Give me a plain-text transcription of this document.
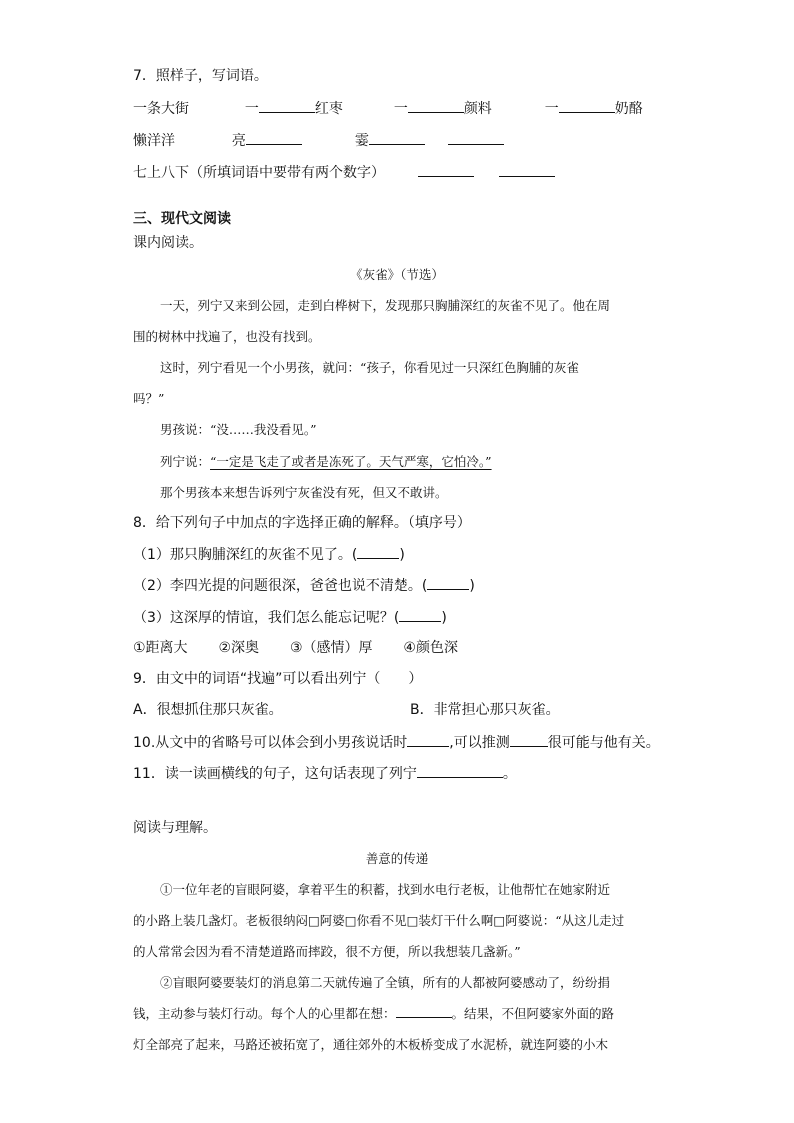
7．照样子，写词语。
一条大街	一	红枣	一	颜料	一	奶酪
懒洋洋	亮	霎
七上八下（所填词语中要带有两个数字）
三、现代文阅读
课内阅读。
《灰雀》（节选）
一天，列宁又来到公园，走到白桦树下，发现那只胸脯深红的灰雀不见了。他在周
围的树林中找遍了，也没有找到。
这时，列宁看见一个小男孩，就问：“孩子，你看见过一只深红色胸脯的灰雀
吗？”
男孩说：“没……我没看见。”
列宁说：“一定是飞走了或者是冻死了。天气严寒，它怕冷。”
那个男孩本来想告诉列宁灰雀没有死，但又不敢讲。
8．给下列句子中加点的字选择正确的解释。（填序号）
（1）那只胸脯深红的灰雀不见了。(	)
（2）李四光提的问题很深，爸爸也说不清楚。(	)
（3）这深厚的情谊，我们怎么能忘记呢？(	)
①距离大 ②深奥 ③（感情）厚 ④颜色深
9．由文中的词语“找遍”可以看出列宁（　　）
A．很想抓住那只灰雀。	B．非常担心那只灰雀。
10.从文中的省略号可以体会到小男孩说话时	,可以推测	很可能与他有关。
11．读一读画横线的句子，这句话表现了列宁	。
阅读与理解。
善意的传递
①一位年老的盲眼阿婆，拿着平生的积蓄，找到水电行老板，让他帮忙在她家附近
的小路上装几盏灯。老板很纳闷□阿婆□你看不见□装灯干什么啊□阿婆说：“从这儿走过
的人常常会因为看不清楚道路而摔跤，很不方便，所以我想装几盏新。”
②盲眼阿婆要装灯的消息第二天就传遍了全镇，所有的人都被阿婆感动了，纷纷捐
钱，主动参与装灯行动。每个人的心里都在想：	。结果，不但阿婆家外面的路
灯全部亮了起来，马路还被拓宽了，通往郊外的木板桥变成了水泥桥，就连阿婆的小木
